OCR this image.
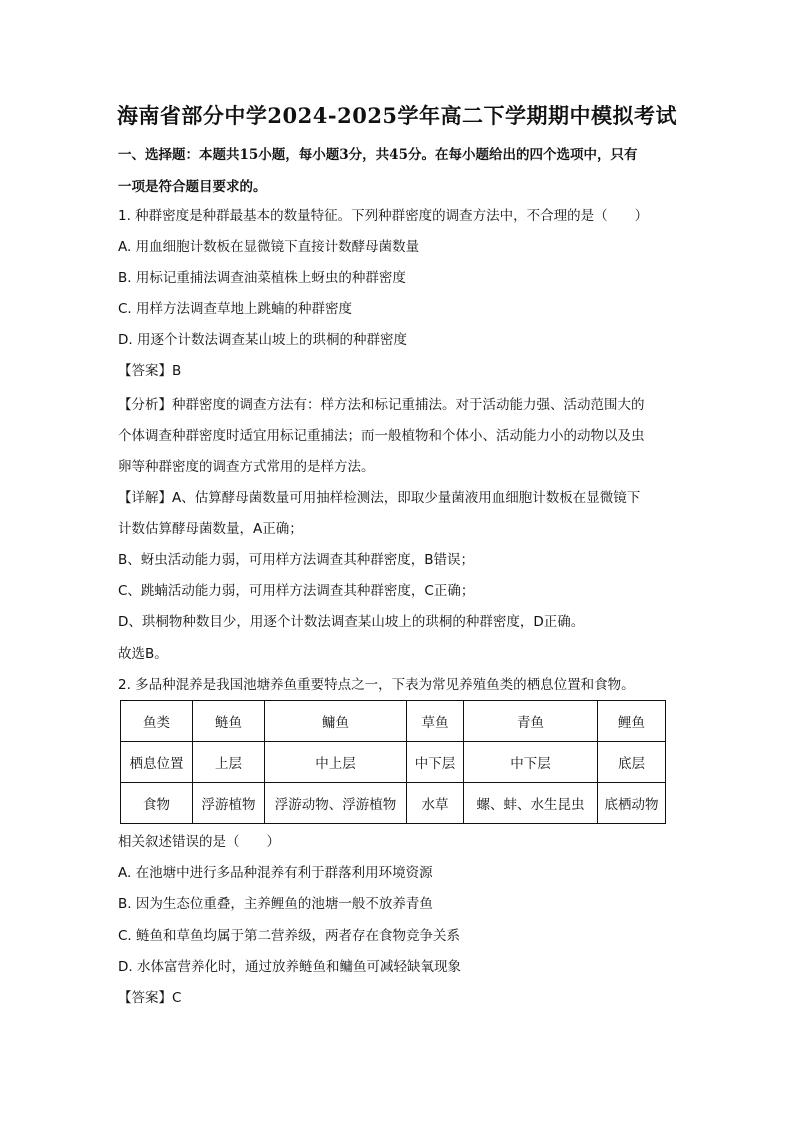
海南省部分中学2024-2025学年高二下学期期中模拟考试
一、选择题：本题共15小题，每小题3分，共45分。在每小题给出的四个选项中，只有
一项是符合题目要求的。
1. 种群密度是种群最基本的数量特征。下列种群密度的调查方法中，不合理的是（　　）
A. 用血细胞计数板在显微镜下直接计数酵母菌数量
B. 用标记重捕法调查油菜植株上蚜虫的种群密度
C. 用样方法调查草地上跳蝻的种群密度
D. 用逐个计数法调查某山坡上的珙桐的种群密度
【答案】B
【分析】种群密度的调查方法有：样方法和标记重捕法。对于活动能力强、活动范围大的
个体调查种群密度时适宜用标记重捕法；而一般植物和个体小、活动能力小的动物以及虫
卵等种群密度的调查方式常用的是样方法。
【详解】A、估算酵母菌数量可用抽样检测法，即取少量菌液用血细胞计数板在显微镜下
计数估算酵母菌数量，A正确；
B、蚜虫活动能力弱，可用样方法调查其种群密度，B错误；
C、跳蝻活动能力弱，可用样方法调查其种群密度，C正确；
D、珙桐物种数目少，用逐个计数法调查某山坡上的珙桐的种群密度，D正确。
故选B。
2. 多品种混养是我国池塘养鱼重要特点之一，下表为常见养殖鱼类的栖息位置和食物。
鱼类	鲢鱼	鳙鱼	草鱼	青鱼	鲤鱼
栖息位置	上层	中上层	中下层	中下层	底层
食物	浮游植物	浮游动物、浮游植物	水草	螺、蚌、水生昆虫	底栖动物
相关叙述错误的是（　　）
A. 在池塘中进行多品种混养有利于群落利用环境资源
B. 因为生态位重叠，主养鲤鱼的池塘一般不放养青鱼
C. 鲢鱼和草鱼均属于第二营养级，两者存在食物竞争关系
D. 水体富营养化时，通过放养鲢鱼和鳙鱼可减轻缺氧现象
【答案】C
